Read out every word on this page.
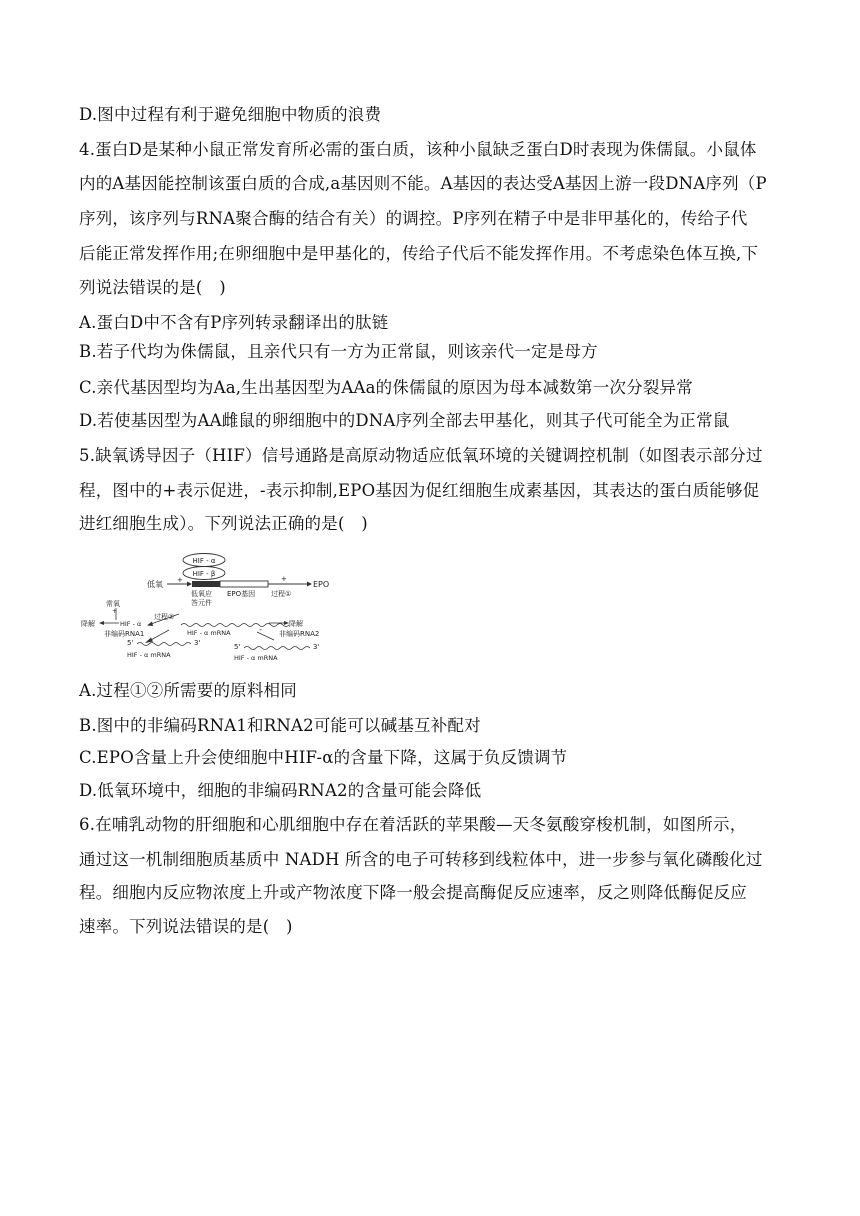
D.图中过程有利于避免细胞中物质的浪费
4.蛋白D是某种小鼠正常发育所必需的蛋白质，该种小鼠缺乏蛋白D时表现为侏儒鼠。小鼠体
内的A基因能控制该蛋白质的合成,a基因则不能。A基因的表达受A基因上游一段DNA序列（P
序列，该序列与RNA聚合酶的结合有关）的调控。P序列在精子中是非甲基化的，传给子代
后能正常发挥作用;在卵细胞中是甲基化的，传给子代后不能发挥作用。不考虑染色体互换,下
列说法错误的是(　)
A.蛋白D中不含有P序列转录翻译出的肽链
B.若子代均为侏儒鼠，且亲代只有一方为正常鼠，则该亲代一定是母方
C.亲代基因型均为Aa,生出基因型为AAa的侏儒鼠的原因为母本减数第一次分裂异常
D.若使基因型为AA雌鼠的卵细胞中的DNA序列全部去甲基化，则其子代可能全为正常鼠
5.缺氧诱导因子（HIF）信号通路是高原动物适应低氧环境的关键调控机制（如图表示部分过
程，图中的+表示促进，-表示抑制,EPO基因为促红细胞生成素基因，其表达的蛋白质能够促
进红细胞生成）。下列说法正确的是(　)
HIF - α
HIF - β
低氧 +	+
EPO
低氧应
答元件
EPO基因 过程①
常氧
+
降解	HIF - α
非编码RNA1
过程②
HIF - α mRNA	-
降解
非编码RNA2
5'	3'
HIF - α mRNA
5'	3'
HIF - α mRNA
A.过程①②所需要的原料相同
B.图中的非编码RNA1和RNA2可能可以碱基互补配对
C.EPO含量上升会使细胞中HIF-α的含量下降，这属于负反馈调节
D.低氧环境中，细胞的非编码RNA2的含量可能会降低
6.在哺乳动物的肝细胞和心肌细胞中存在着活跃的苹果酸—天冬氨酸穿梭机制，如图所示，
通过这一机制细胞质基质中 NADH 所含的电子可转移到线粒体中，进一步参与氧化磷酸化过
程。细胞内反应物浓度上升或产物浓度下降一般会提高酶促反应速率，反之则降低酶促反应
速率。下列说法错误的是(　)
